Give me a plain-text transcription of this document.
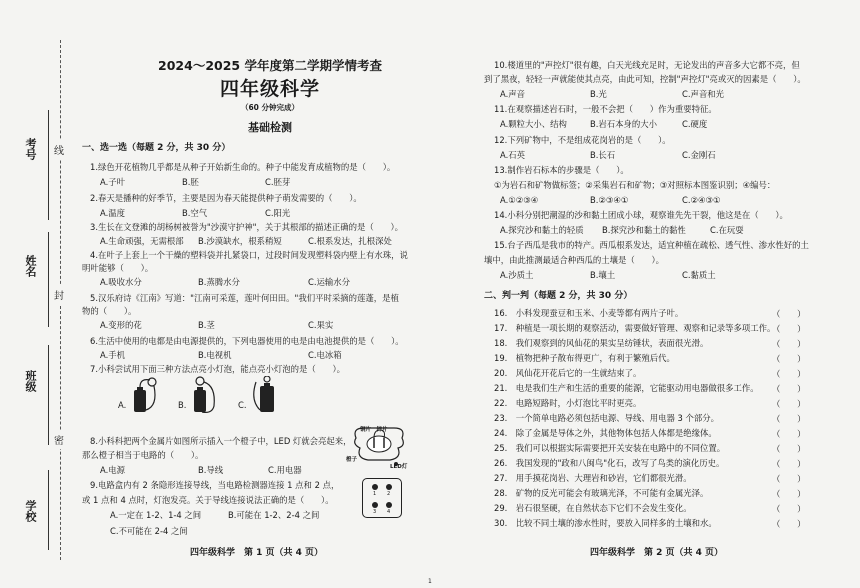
考号
姓名
班级
学校
线
封
密
2024～2025 学年度第二学期学情考查
四年级科学
（60 分钟完成）
基础检测
一、选一选（每题 2 分，共 30 分）
1.绿色开花植物几乎都是从种子开始新生命的。种子中能发育成植物的是（　　）。
A.子叶	B.胚	C.胚芽
2.春天是播种的好季节，主要是因为春天能提供种子萌发需要的（　　）。
A.温度	B.空气	C.阳光
3.生长在文登滩的胡杨树被誉为"沙漠守护神"，关于其根部的描述正确的是（　　）。
A.生命顽强，无需根部 B.沙漠缺水，根系稍短	C.根系发达，扎根深处
4.在叶子上套上一个干燥的塑料袋并扎紧袋口，过段时间发现塑料袋内壁上有水珠，说
明叶能够（　　）。
A.吸收水分	B.蒸腾水分	C.运输水分
5.汉乐府诗《江南》写道："江南可采莲，莲叶何田田。"我们平时采摘的莲蓬，是植
物的（　　）。
A.变形的花	B.茎	C.果实
6.生活中使用的电都是由电源提供的，下列电器使用的电是由电池提供的是（　　）。
A.手机	B.电视机	C.电冰箱
7.小科尝试用下面三种方法点亮小灯泡，能点亮小灯泡的是（　　）。
A.	B.	C.
8.小科科把两个金属片如图所示插入一个橙子中，LED 灯就会亮起来，
那么橙子相当于电路的（　　）。
A.电源	B.导线	C.用电器
铜片　锌片
橙子
LED灯
9.电路盒内有 2 条隐形连接导线，当电路检测器连接 1 点和 2 点，
或 1 点和 4 点时，灯泡发亮。关于导线连接说法正确的是（　　）。
A.一定在 1-2、1-4 之间	B.可能在 1-2、2-4 之间
C.不可能在 2-4 之间
1 2
3 4
四年级科学　第 1 页（共 4 页）
10.楼道里的"声控灯"很有趣，白天光线充足时，无论发出的声音多大它都不亮，但
到了黑夜，轻轻一声就能使其点亮，由此可知，控制"声控灯"亮或灭的因素是（　　）。
A.声音	B.光	C.声音和光
11.在观察描述岩石时，一般不会把（　　）作为重要特征。
A.颗粒大小、结构	B.岩石本身的大小	C.硬度
12.下列矿物中，不是组成花岗岩的是（　　）。
A.石英	B.长石	C.金刚石
13.制作岩石标本的步骤是（　　）。
①为岩石和矿物做标签；②采集岩石和矿物；③对照标本图鉴识别；④编号：
A.①②③④	B.②③④①	C.②④③①
14.小科分别把潮湿的沙和黏土团成小球，观察谁先先干裂，他这是在（　　）。
A.探究沙和黏土的轻质 B.探究沙和黏土的黏性	C.在玩耍
15.台子西瓜是我市的特产。西瓜根系发达，适宜种植在疏松、透气性、渗水性好的土
壤中，由此推测最适合种西瓜的土壤是（　　）。
A.沙质土	B.壤土	C.黏质土
二、判一判（每题 2 分，共 30 分）
16.　小科发现蚕豆和玉米、小麦等都有两片子叶。	（　　）
17.　种植是一项长期的观察活动，需要做好管理、观察和记录等多项工作。
（　　）
18.　我们观察到的风仙花的果实呈纺锤状，表面很光滑。	（　　）
19.　植物把种子散布得更广，有利于繁殖后代。	（　　）
20.　风仙花开花后它的一生就结束了。	（　　）
21.　电是我们生产和生活的重要的能源，它能驱动用电器做很多工作。 （　　）
22.　电路短路时，小灯泡比平时更亮。	（　　）
23.　一个简单电路必须包括电源、导线、用电器 3 个部分。	（　　）
24.　除了金属是导体之外，其他物体包括人体都是绝缘体。	（　　）
25.　我们可以根据实际需要把开关安装在电路中的不同位置。	（　　）
26.　我国发现的"政和八闽鸟"化石，改写了鸟类的演化历史。	（　　）
27.　用手摸花岗岩、大理岩和砂岩，它们都很光滑。	（　　）
28.　矿物的反光可能会有玻璃光泽，不可能有金属光泽。	（　　）
29.　岩石很坚硬，在自然状态下它们不会发生变化。	（　　）
30.　比较不同土壤的渗水性时，要放入同样多的土壤和水。	（　　）
四年级科学　第 2 页（共 4 页）
1
